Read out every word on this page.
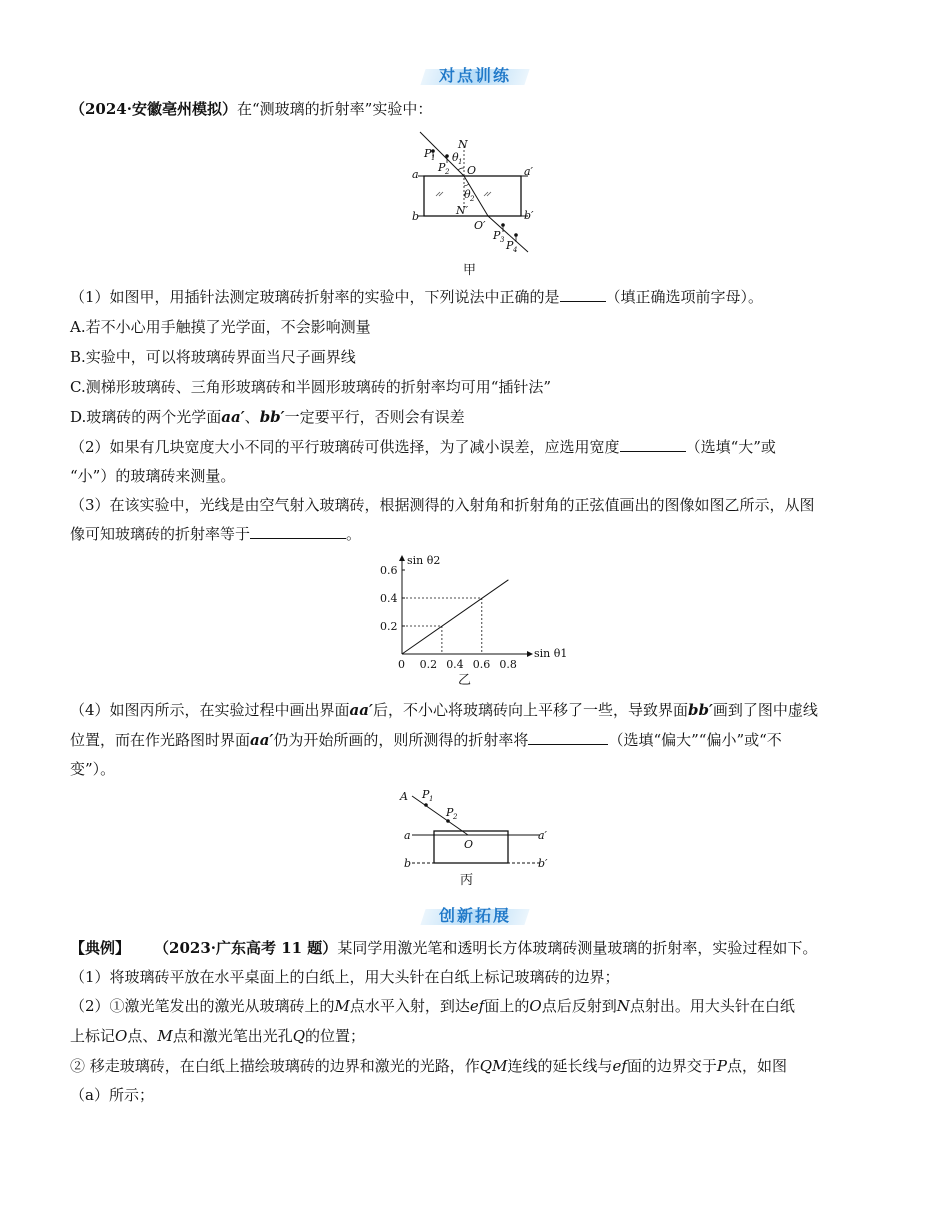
对点训练
（2024·安徽亳州模拟）在“测玻璃的折射率”实验中：
P 1
P 2
N
θ 1
O
θ 2
N′
O′
P 3 P 4
a	a′
b	b′
甲
（1）如图甲，用插针法测定玻璃砖折射率的实验中，下列说法中正确的是	（填正确选项前字母）。
A.若不小心用手触摸了光学面，不会影响测量
B.实验中，可以将玻璃砖界面当尺子画界线
C.测梯形玻璃砖、三角形玻璃砖和半圆形玻璃砖的折射率均可用“插针法”
D.玻璃砖的两个光学面aa′、bb′一定要平行，否则会有误差
（2）如果有几块宽度大小不同的平行玻璃砖可供选择，为了减小误差，应选用宽度	（选填“大”或
“小”）的玻璃砖来测量。
（3）在该实验中，光线是由空气射入玻璃砖，根据测得的入射角和折射角的正弦值画出的图像如图乙所示，从图
像可知玻璃砖的折射率等于	。
0 0.2 0.4 0.6 0.8
0.2
0.4
0.6
sin θ1
sin θ2
乙
（4）如图丙所示，在实验过程中画出界面aa′后，不小心将玻璃砖向上平移了一些，导致界面bb′画到了图中虚线
位置，而在作光路图时界面aa′仍为开始所画的，则所测得的折射率将	（选填“偏大”“偏小”或“不
变”）。
A P 1
P 2
O
a	a′
b	b′
丙
创新拓展
【典例】 （2023·广东高考 11 题）某同学用激光笔和透明长方体玻璃砖测量玻璃的折射率，实验过程如下。
（1）将玻璃砖平放在水平桌面上的白纸上，用大头针在白纸上标记玻璃砖的边界；
（2）①激光笔发出的激光从玻璃砖上的M点水平入射，到达ef面上的O点后反射到N点射出。用大头针在白纸
上标记O点、M点和激光笔出光孔Q的位置；
② 移走玻璃砖，在白纸上描绘玻璃砖的边界和激光的光路，作QM连线的延长线与ef面的边界交于P点，如图
（a）所示；
